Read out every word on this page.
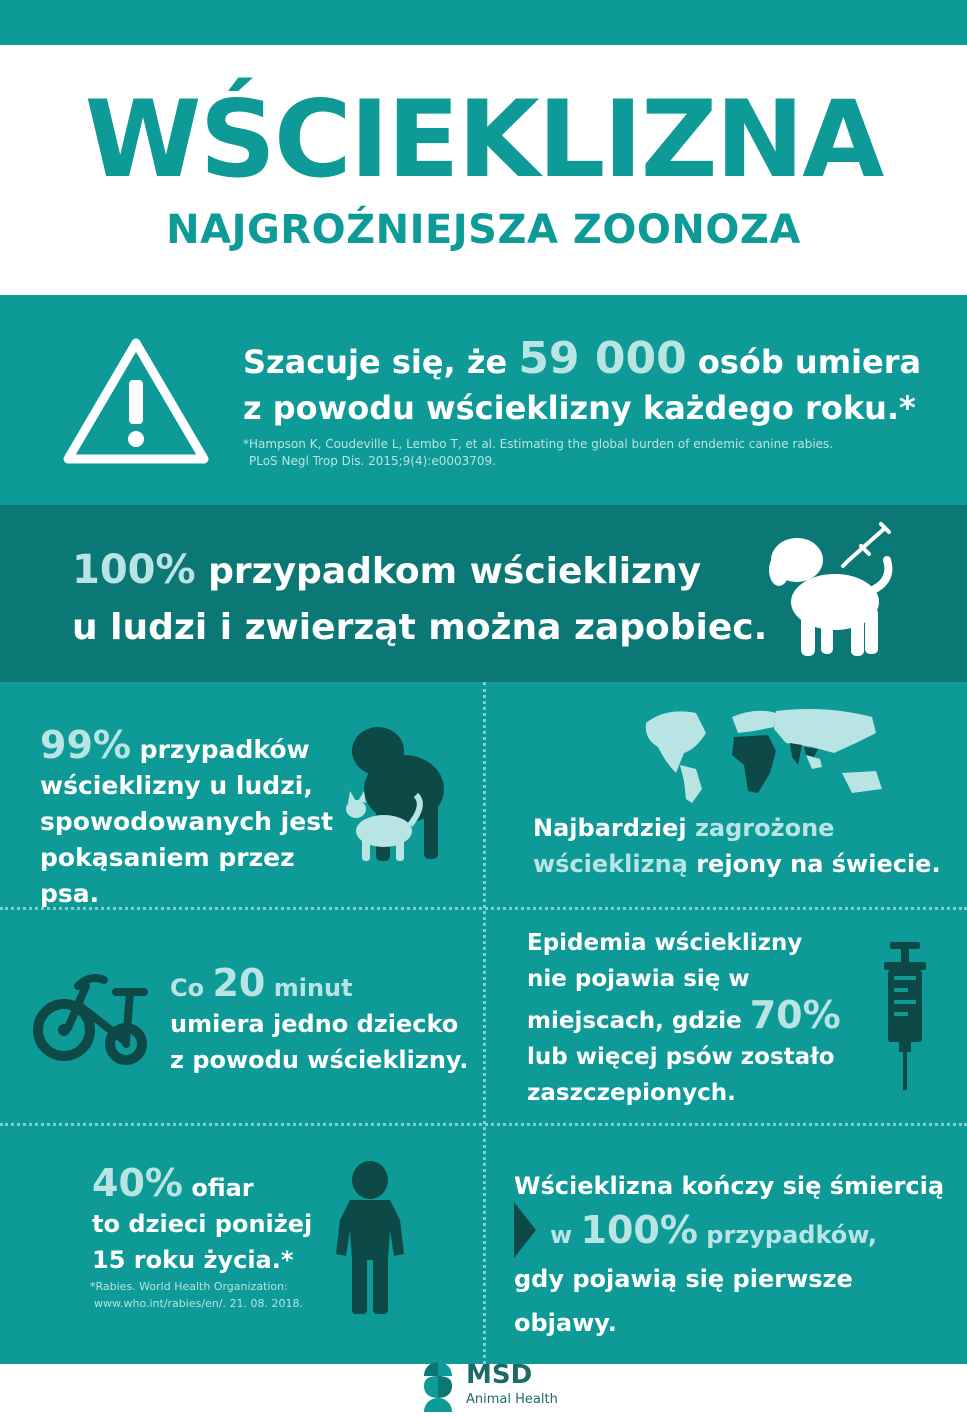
WŚCIEKLIZNA
NAJGROŹNIEJSZA ZOONOZA
Szacuje się, że 59 000 osób umiera
z powodu wścieklizny każdego roku.*
*Hampson K, Coudeville L, Lembo T, et al. Estimating the global burden of endemic canine rabies.
PLoS Negl Trop Dis. 2015;9(4):e0003709.
100% przypadkom wścieklizny
u ludzi i zwierząt można zapobiec.
99% przypadków
wścieklizny u ludzi,
spowodowanych jest
pokąsaniem przez psa.
Najbardziej zagrożone
wścieklizną rejony na świecie.
Co 20 minut
umiera jedno dziecko
z powodu wścieklizny.
Epidemia wścieklizny
nie pojawia się w
miejscach, gdzie 70%
lub więcej psów zostało
zaszczepionych.
40% ofiar
to dzieci poniżej
15 roku życia.*
*Rabies. World Health Organization:
www.who.int/rabies/en/. 21. 08. 2018.
Wścieklizna kończy się śmiercią
w 100% przypadków,
gdy pojawią się pierwsze objawy.
MSD
Animal Health
